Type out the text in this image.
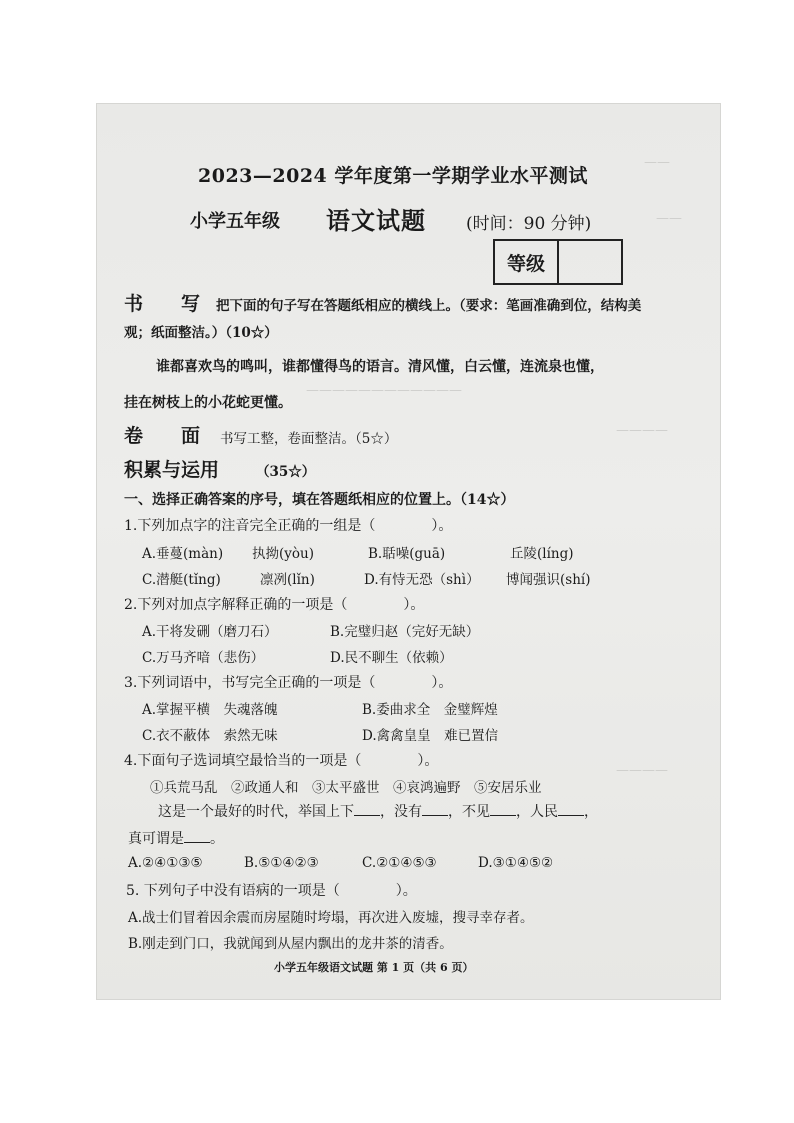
——
——
————————————
————
————
2023—2024 学年度第一学期学业水平测试
小学五年级 语文试题 (时间：90 分钟)
等级
书　　写 把下面的句子写在答题纸相应的横线上。（要求：笔画准确到位，结构美
观；纸面整洁。）（10☆）
谁都喜欢鸟的鸣叫，谁都懂得鸟的语言。清风懂，白云懂，连流泉也懂，
挂在树枝上的小花蛇更懂。
卷　　面 书写工整，卷面整洁。（5☆）
积累与运用	（35☆）
一、选择正确答案的序号，填在答题纸相应的位置上。（14☆）
1.下列加点字的注音完全正确的一组是（　　　　）。
A.垂蔓(màn) 执拗(yòu)	B.聒噪(guā)	丘陵(líng)
C.潜艇(tǐng)	凛冽(lǐn)	D.有恃无恐（shì） 博闻强识(shí)
2.下列对加点字解释正确的一项是（　　　　）。
A.干将发硎（磨刀石）	B.完璧归赵（完好无缺）
C.万马齐喑（悲伤）	D.民不聊生（依赖）
3.下列词语中，书写完全正确的一项是（　　　　）。
A.掌握平横　失魂落魄	B.委曲求全　金璧辉煌
C.衣不蔽体　索然无味	D.禽禽皇皇　难已置信
4.下面句子选词填空最恰当的一项是（　　　　）。
①兵荒马乱　②政通人和　③太平盛世　④哀鸿遍野　⑤安居乐业
这是一个最好的时代，举国上下 ，没有 ，不见 ，人民 ，
真可谓是 。
A.②④①③⑤	B.⑤①④②③	C.②①④⑤③	D.③①④⑤②
5. 下列句子中没有语病的一项是（　　　　）。
A.战士们冒着因余震而房屋随时垮塌，再次进入废墟，搜寻幸存者。
B.刚走到门口，我就闻到从屋内飘出的龙井茶的清香。
小学五年级语文试题 第 1 页（共 6 页）
